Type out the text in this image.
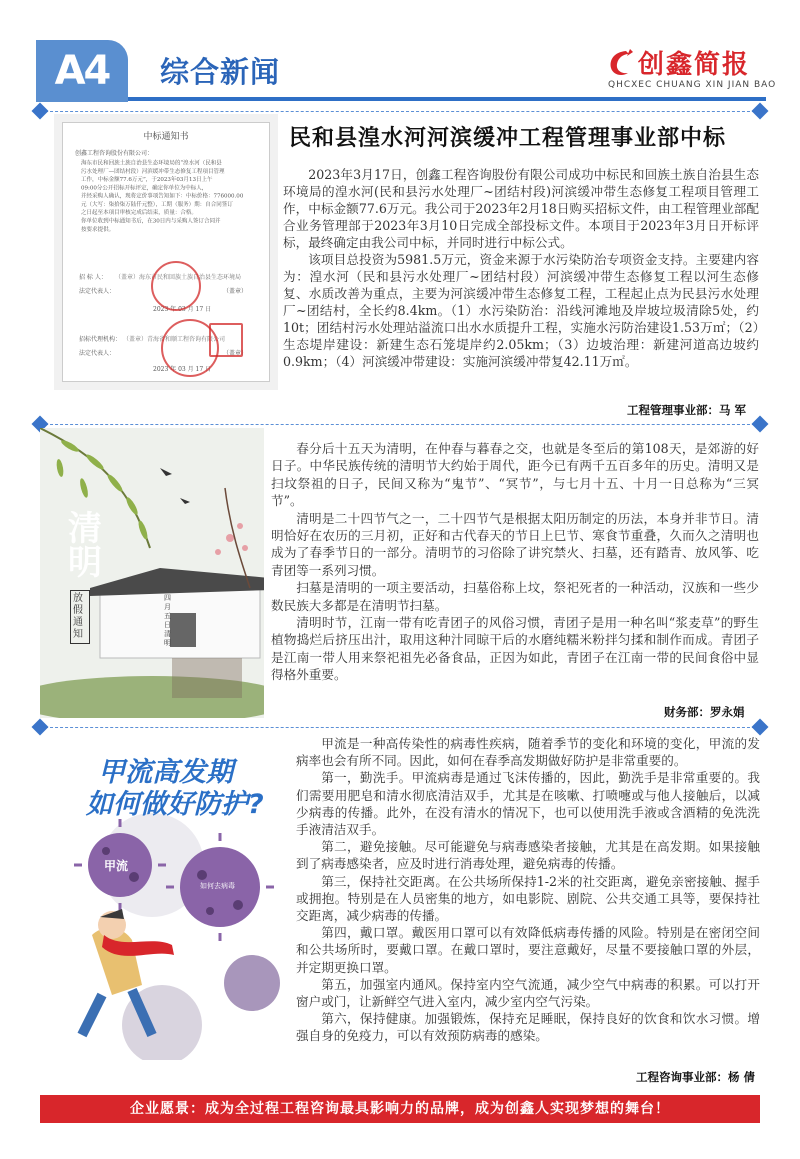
A4	综合新闻	创鑫简报
QHCXEC CHUANG XIN JIAN BAO
中标通知书
创鑫工程咨询股份有限公司：
海东市民和回族土族自治县生态环境局的“湟水河（民和县
污水处理厂—团结村段）河滨缓冲带生态修复工程项目管理
工作，中标金额77.6万元”，于2023年03月13日上午
09:00分公开招标开标评定，确定你单位为中标人，
并经采购人确认，现将定价事项告知如下：中标价格：776000.00
元（大写：柒拾柒万陆仟元整），工期（服务）期：自合同签订
之日起至本项目审核完成后结束，质量：合格。
你单位收到中标通知书后，在30日内与采购人签订合同并
按要求提供。
招 标 人： （盖章）海东市民和回族土族自治县生态环境局
法定代表人：	（盖章）
2023 年 03 月 17 日
招标代理机构： （盖章）青海省和顺工程咨询有限公司
法定代表人：	（盖章）
2023 年 03 月 17 日
民和县湟水河河滨缓冲工程管理事业部中标

2023年3月17日，创鑫工程咨询股份有限公司成功中标民和回族土族自治县生态环境局的湟水河(民和县污水处理厂~团结村段)河滨缓冲带生态修复工程项目管理工作，中标金额77.6万元。我公司于2023年2月18日购买招标文件，由工程管理业部配合业务管理部于2023年3月10日完成全部投标文件。本项目于2023年3月日开标评标，最终确定由我公司中标，并同时进行中标公式。

该项目总投资为5981.5万元，资金来源于水污染防治专项资金支持。主要建内容为：湟水河（民和县污水处理厂~团结村段）河滨缓冲带生态修复工程以河生态修复、水质改善为重点，主要为河滨缓冲带生态修复工程，工程起止点为民县污水处理厂~团结村，全长约8.4km。（1）水污染防治：沿线河滩地及岸坡垃圾清除5处，约10t；团结村污水处理站溢流口出水水质提升工程，实施水污防治建设1.53万㎡；（2）生态堤岸建设：新建生态石笼堤岸约2.05km；（3）边坡治理：新建河道高边坡约0.9km；（4）河滨缓冲带建设：实施河滨缓冲带复42.11万㎡。

工程管理事业部：马 军
清
明
放假通知
四月五日 清明

春分后十五天为清明，在仲春与暮春之交，也就是冬至后的第108天，是郊游的好日子。中华民族传统的清明节大约始于周代，距今已有两千五百多年的历史。清明又是扫坟祭祖的日子，民间又称为“鬼节”、“冥节”，与七月十五、十月一日总称为“三冥节”。

清明是二十四节气之一，二十四节气是根据太阳历制定的历法，本身并非节日。清明恰好在农历的三月初，正好和古代春天的节日上巳节、寒食节重叠，久而久之清明也成为了春季节日的一部分。清明节的习俗除了讲究禁火、扫墓，还有踏青、放风筝、吃青团等一系列习惯。

扫墓是清明的一项主要活动，扫墓俗称上坟，祭祀死者的一种活动，汉族和一些少数民族大多都是在清明节扫墓。

清明时节，江南一带有吃青团子的风俗习惯，青团子是用一种名叫“浆麦草”的野生植物捣烂后挤压出汁，取用这种汁同晾干后的水磨纯糯米粉拌匀揉和制作而成。青团子是江南一带人用来祭祀祖先必备食品，正因为如此，青团子在江南一带的民间食俗中显得格外重要。

财务部：罗永娟
甲流高发期
如何做好防护?
甲流
如何去病毒

甲流是一种高传染性的病毒性疾病，随着季节的变化和环境的变化，甲流的发病率也会有所不同。因此，如何在春季高发期做好防护是非常重要的。

第一，勤洗手。甲流病毒是通过飞沫传播的，因此，勤洗手是非常重要的。我们需要用肥皂和清水彻底清洁双手，尤其是在咳嗽、打喷嚏或与他人接触后，以减少病毒的传播。此外，在没有清水的情况下，也可以使用洗手液或含酒精的免洗洗手液清洁双手。

第二，避免接触。尽可能避免与病毒感染者接触，尤其是在高发期。如果接触到了病毒感染者，应及时进行消毒处理，避免病毒的传播。

第三，保持社交距离。在公共场所保持1-2米的社交距离，避免亲密接触、握手或拥抱。特别是在人员密集的地方，如电影院、剧院、公共交通工具等，要保持社交距离，减少病毒的传播。

第四，戴口罩。戴医用口罩可以有效降低病毒传播的风险。特别是在密闭空间和公共场所时，要戴口罩。在戴口罩时，要注意戴好，尽量不要接触口罩的外层，并定期更换口罩。

第五，加强室内通风。保持室内空气流通，减少空气中病毒的积累。可以打开窗户或门，让新鲜空气进入室内，减少室内空气污染。

第六，保持健康。加强锻炼，保持充足睡眠，保持良好的饮食和饮水习惯。增强自身的免疫力，可以有效预防病毒的感染。

工程咨询事业部：杨 倩
企业愿景：成为全过程工程咨询最具影响力的品牌，成为创鑫人实现梦想的舞台！
